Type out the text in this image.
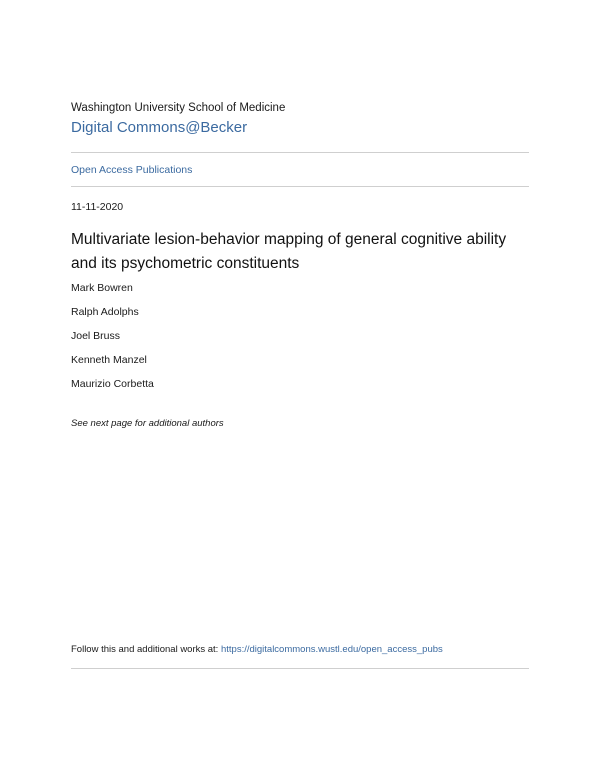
Washington University School of Medicine
Digital Commons@Becker
Open Access Publications
11-11-2020
Multivariate lesion-behavior mapping of general cognitive ability
and its psychometric constituents
Mark Bowren
Ralph Adolphs
Joel Bruss
Kenneth Manzel
Maurizio Corbetta
See next page for additional authors
Follow this and additional works at: https://digitalcommons.wustl.edu/open_access_pubs
